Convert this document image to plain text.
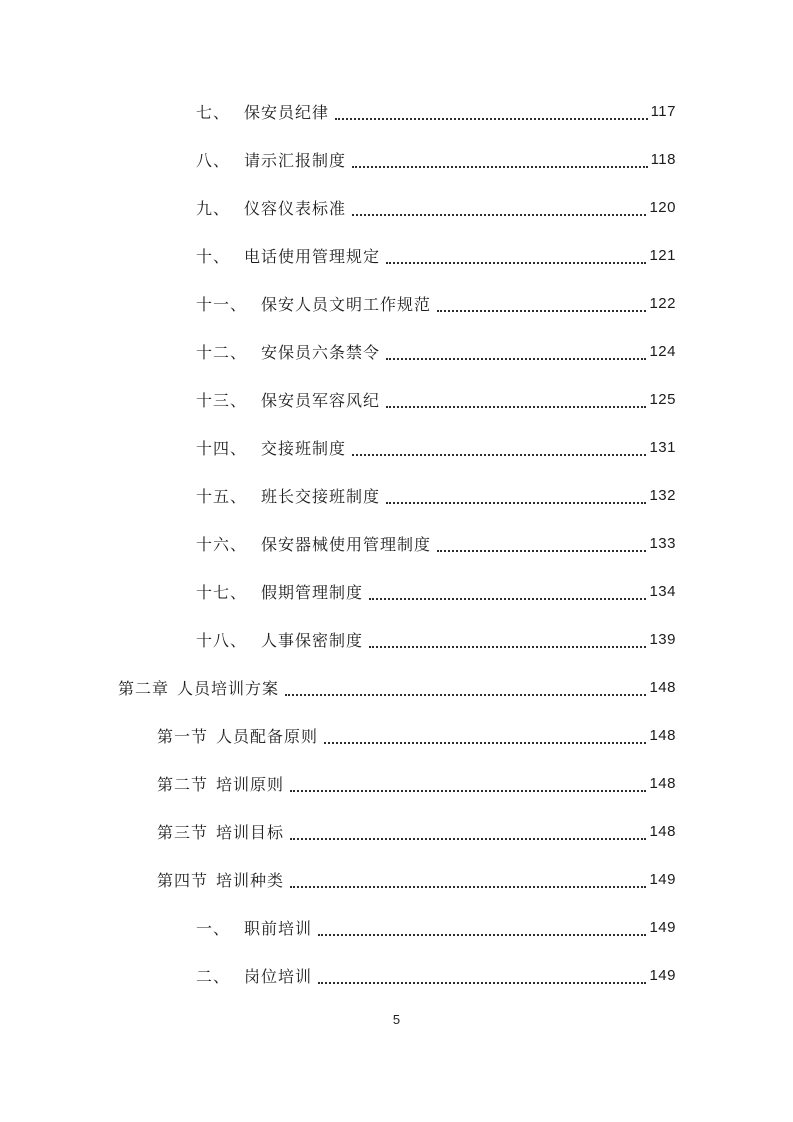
七、 保安员纪律	117
八、 请示汇报制度	118
九、 仪容仪表标准	120
十、 电话使用管理规定	121
十一、 保安人员文明工作规范	122
十二、 安保员六条禁令	124
十三、 保安员军容风纪	125
十四、 交接班制度	131
十五、 班长交接班制度	132
十六、 保安器械使用管理制度	133
十七、 假期管理制度	134
十八、 人事保密制度	139
第二章 人员培训方案	148
第一节 人员配备原则	148
第二节 培训原则	148
第三节 培训目标	148
第四节 培训种类	149
一、 职前培训	149
二、 岗位培训	149
5
